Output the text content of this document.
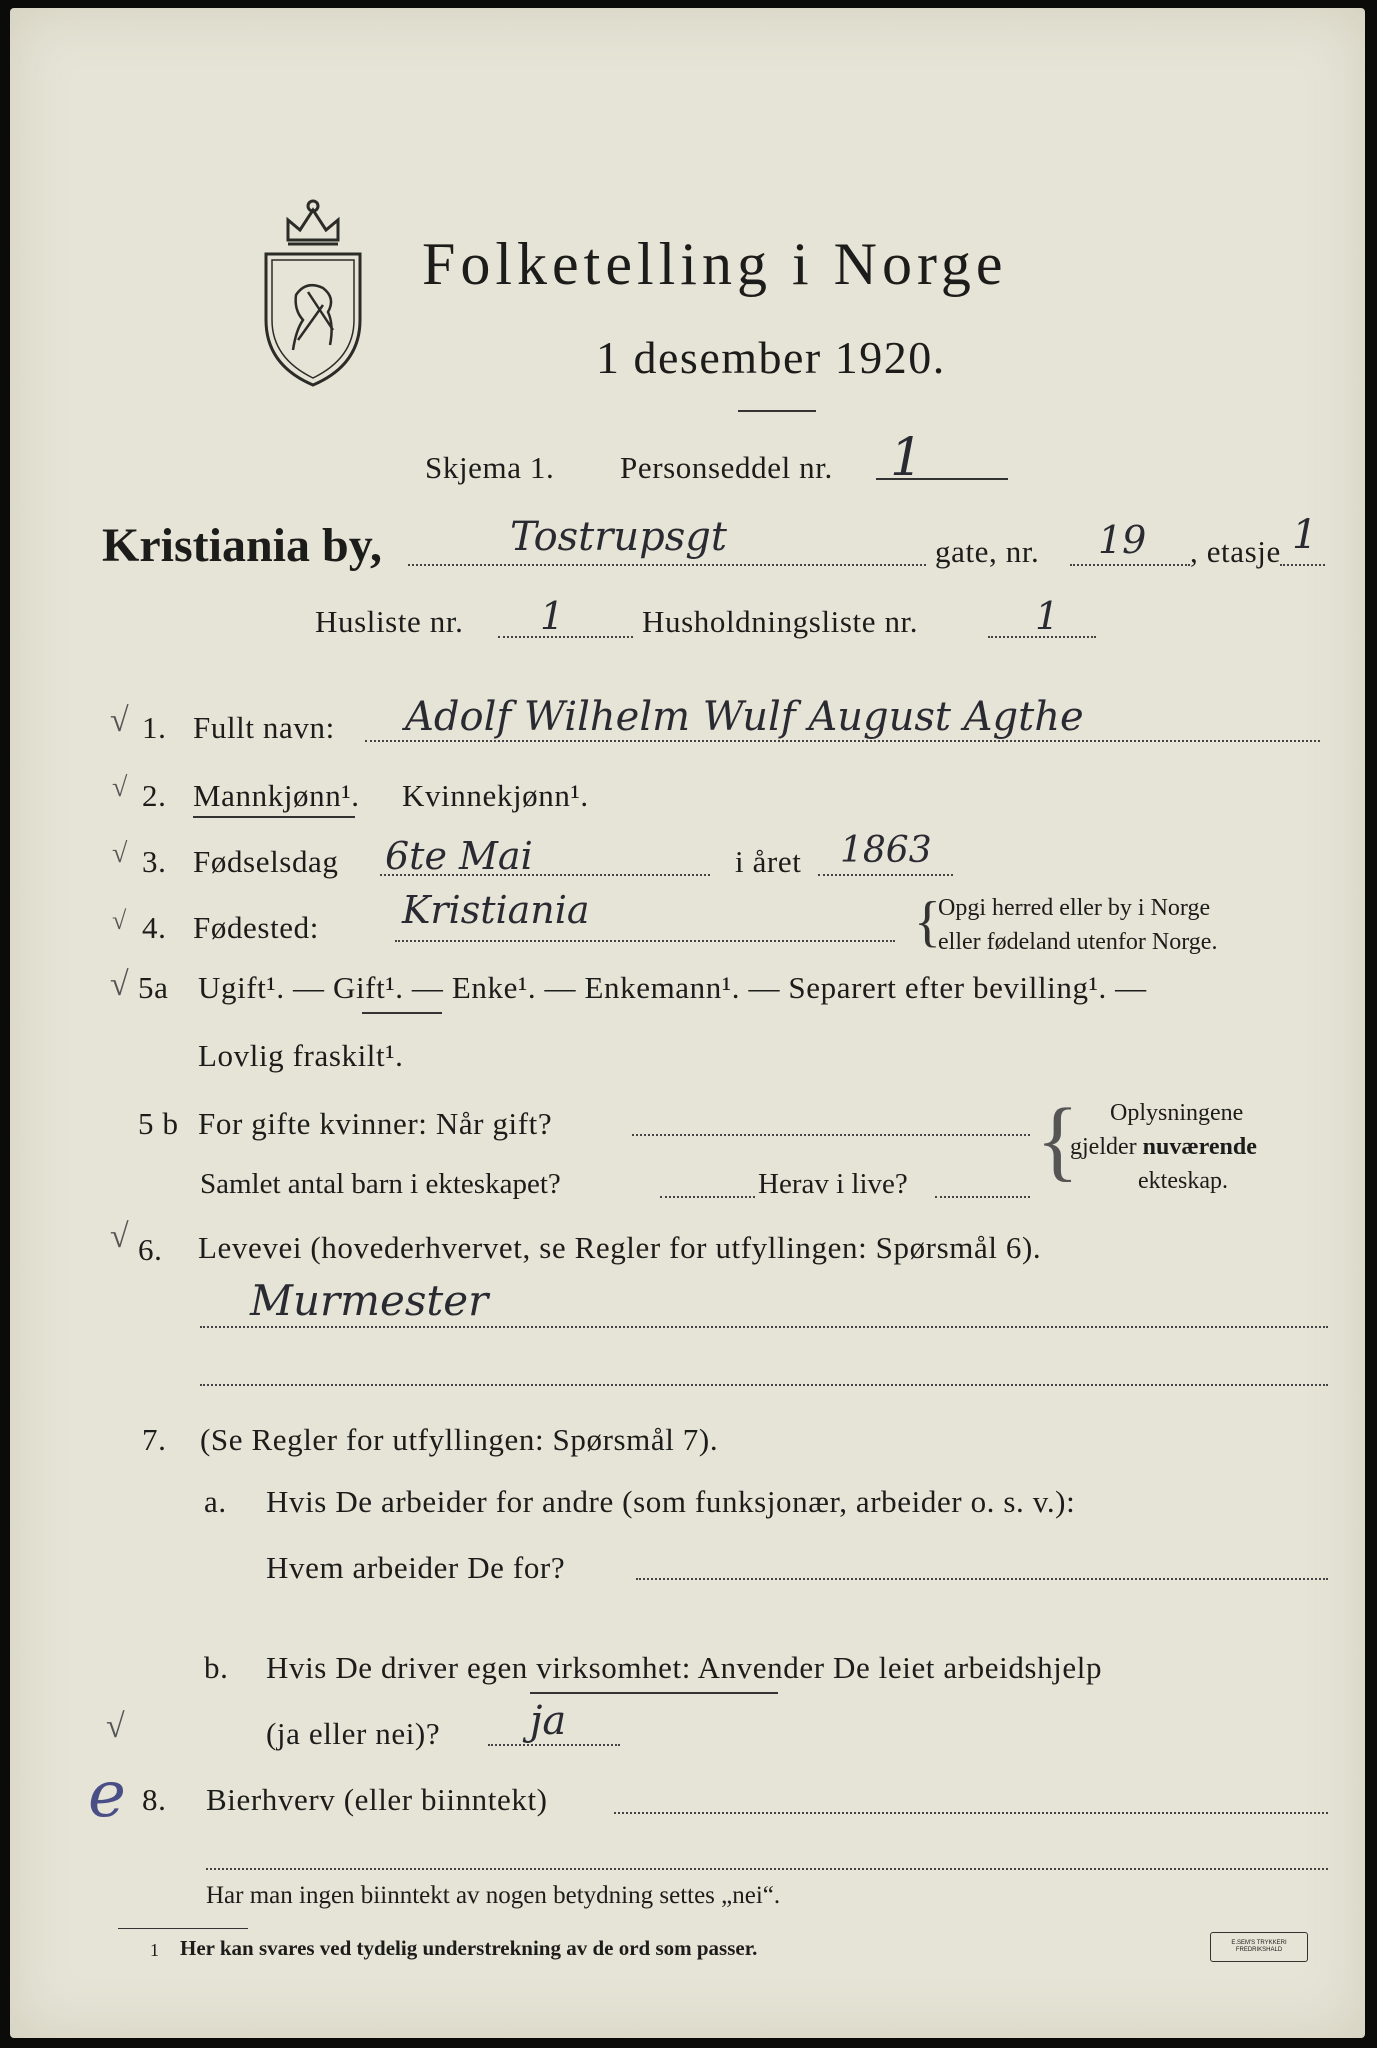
Folketelling i Norge
1 desember 1920.
Skjema 1. Personseddel nr. 1
Kristiania by,	Tostrupsgt	gate, nr. 19 , etasje 1
Husliste nr. 1	Husholdningsliste nr.	1
√
√
√
√
√
√
√
1. Fullt navn: Adolf Wilhelm Wulf August Agthe
2. Mannkjønn¹. Kvinnekjønn¹.
3. Fødselsdag 6te Mai	i året 1863
4. Fødested: Kristiania	{
Opgi herred eller by i Norge
eller fødeland utenfor Norge.
5a Ugift¹. — Gift¹. — Enke¹. — Enkemann¹. — Separert efter bevilling¹. —
Lovlig fraskilt¹.
5 b For gifte kvinner: Når gift?
Samlet antal barn i ekteskapet?	Herav i live? { Oplysningene
gjelder nuværende
ekteskap.
6. Levevei (hovederhvervet, se Regler for utfyllingen: Spørsmål 6).
Murmester
7. (Se Regler for utfyllingen: Spørsmål 7).
a. Hvis De arbeider for andre (som funksjonær, arbeider o. s. v.):
Hvem arbeider De for?
b. Hvis De driver egen virksomhet: Anvender De leiet arbeidshjelp
(ja eller nei)? ja
e 8. Bierhverv (eller biinntekt)
Har man ingen biinntekt av nogen betydning settes „nei“.
1 Her kan svares ved tydelig understrekning av de ord som passer.	E.SEM'S TRYKKERI FREDRIKSHALD
